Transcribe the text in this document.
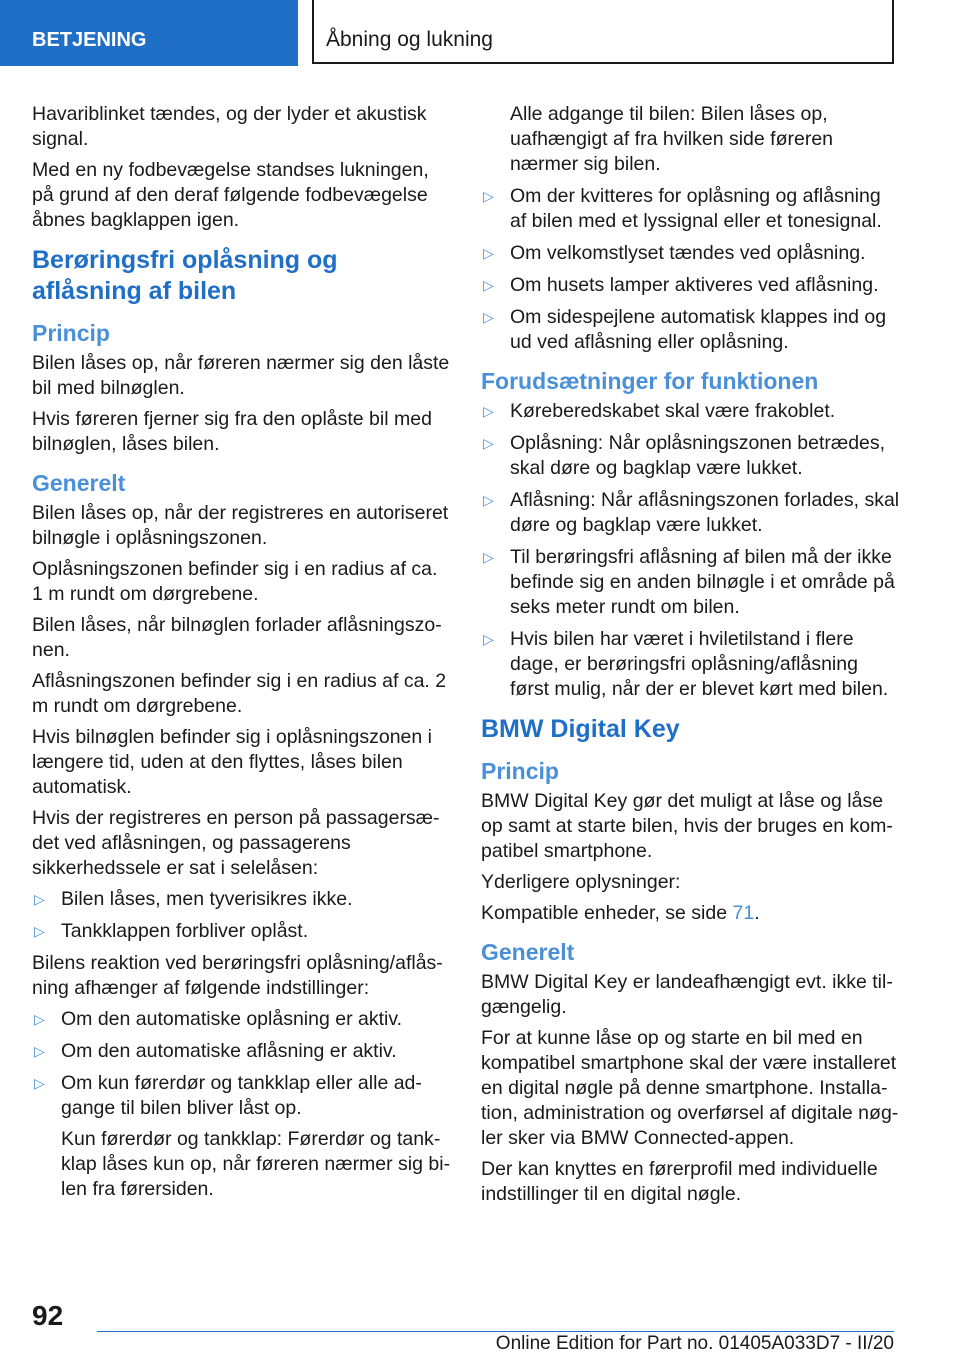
BETJENING	Åbning og lukning

Havariblinket tændes, og der lyder et akustisk signal.

Med en ny fodbevægelse standses lukningen, på grund af den deraf følgende fodbevægelse åbnes bagklappen igen.

Berøringsfri oplåsning og aflåsning af bilen
Princip

Bilen låses op, når føreren nærmer sig den låste bil med bilnøglen.

Hvis føreren fjerner sig fra den oplåste bil med bilnøglen, låses bilen.

Generelt

Bilen låses op, når der registreres en autoriseret bilnøgle i oplåsningszonen.

Oplåsningszonen befinder sig i en radius af ca. 1 m rundt om dørgrebene.

Bilen låses, når bilnøglen forlader aflåsningszonen.

Aflåsningszonen befinder sig i en radius af ca. 2 m rundt om dørgrebene.

Hvis bilnøglen befinder sig i oplåsningszonen i længere tid, uden at den flyttes, låses bilen automatisk.

Hvis der registreres en person på passagersædet ved aflåsningen, og passagerens sikkerhedssele er sat i selelåsen:

▷ Bilen låses, men tyverisikres ikke.
▷ Tankklappen forbliver oplåst.

Bilens reaktion ved berøringsfri oplåsning/aflåsning afhænger af følgende indstillinger:

▷ Om den automatiske oplåsning er aktiv.
▷ Om den automatiske aflåsning er aktiv.
▷ Om kun førerdør og tankklap eller alle adgange til bilen bliver låst op.
Kun førerdør og tankklap: Førerdør og tankklap låses kun op, når føreren nærmer sig bilen fra førersiden.
Alle adgange til bilen: Bilen låses op, uafhængigt af fra hvilken side føreren nærmer sig bilen.
▷ Om der kvitteres for oplåsning og aflåsning af bilen med et lyssignal eller et tonesignal.
▷ Om velkomstlyset tændes ved oplåsning.
▷ Om husets lamper aktiveres ved aflåsning.
▷ Om sidespejlene automatisk klappes ind og ud ved aflåsning eller oplåsning.
Forudsætninger for funktionen
▷ Køreberedskabet skal være frakoblet.
▷ Oplåsning: Når oplåsningszonen betrædes, skal døre og bagklap være lukket.
▷ Aflåsning: Når aflåsningszonen forlades, skal døre og bagklap være lukket.
▷ Til berøringsfri aflåsning af bilen må der ikke befinde sig en anden bilnøgle i et område på seks meter rundt om bilen.
▷ Hvis bilen har været i hviletilstand i flere dage, er berøringsfri oplåsning/aflåsning først mulig, når der er blevet kørt med bilen.
BMW Digital Key
Princip

BMW Digital Key gør det muligt at låse og låse op samt at starte bilen, hvis der bruges en kompatibel smartphone.

Yderligere oplysninger:

Kompatible enheder, se side 71.

Generelt

BMW Digital Key er landeafhængigt evt. ikke tilgængelig.

For at kunne låse op og starte en bil med en kompatibel smartphone skal der være installeret en digital nøgle på denne smartphone. Installation, administration og overførsel af digitale nøgler sker via BMW Connected-appen.

Der kan knyttes en førerprofil med individuelle indstillinger til en digital nøgle.

92
Online Edition for Part no. 01405A033D7 - II/20
